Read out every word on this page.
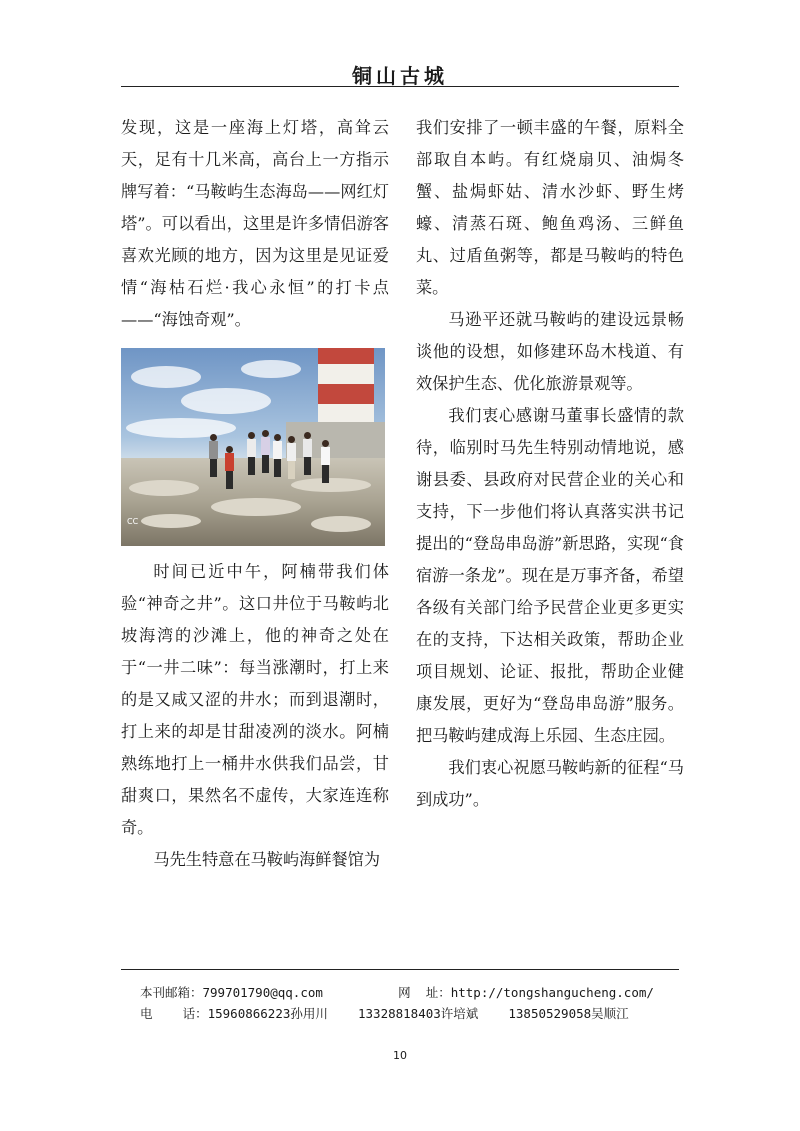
铜山古城

发现，这是一座海上灯塔，高耸云天，足有十几米高，高台上一方指示牌写着：“马鞍屿生态海岛——网红灯塔”。可以看出，这里是许多情侣游客喜欢光顾的地方，因为这里是见证爱情“海枯石烂·我心永恒”的打卡点——“海蚀奇观”。

CC

时间已近中午，阿楠带我们体验“神奇之井”。这口井位于马鞍屿北坡海湾的沙滩上，他的神奇之处在于“一井二味”：每当涨潮时，打上来的是又咸又涩的井水；而到退潮时，打上来的却是甘甜凌冽的淡水。阿楠熟练地打上一桶井水供我们品尝，甘甜爽口，果然名不虚传，大家连连称奇。

马先生特意在马鞍屿海鲜餐馆为

我们安排了一顿丰盛的午餐，原料全部取自本屿。有红烧扇贝、油焗冬蟹、盐焗虾姑、清水沙虾、野生烤蠔、清蒸石斑、鲍鱼鸡汤、三鲜鱼丸、过盾鱼粥等，都是马鞍屿的特色菜。

马逊平还就马鞍屿的建设远景畅谈他的设想，如修建环岛木栈道、有效保护生态、优化旅游景观等。

我们衷心感谢马董事长盛情的款待，临别时马先生特别动情地说，感谢县委、县政府对民营企业的关心和支持，下一步他们将认真落实洪书记提出的“登岛串岛游”新思路，实现“食宿游一条龙”。现在是万事齐备，希望各级有关部门给予民营企业更多更实在的支持，下达相关政策，帮助企业项目规划、论证、报批，帮助企业健康发展，更好为“登岛串岛游”服务。把马鞍屿建成海上乐园、生态庄园。

我们衷心祝愿马鞍屿新的征程“马到成功”。

本刊邮箱：799701790@qq.com          网  址：http://tongshangucheng.com/
电    话：15960866223孙用川    13328818403许培斌    13850529058吴顺江
10
